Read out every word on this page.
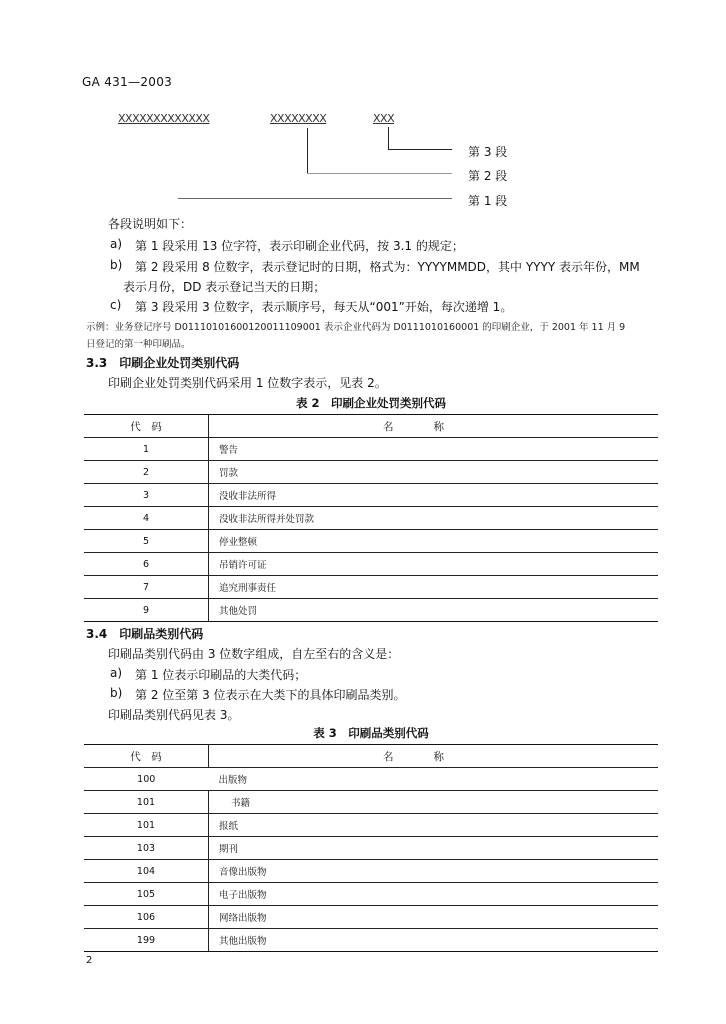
GA 431—2003
XXXXXXXXXXXXX	XXXXXXXX	XXX
第 3 段
第 2 段
第 1 段
各段说明如下：
a) 第 1 段采用 13 位字符，表示印刷企业代码，按 3.1 的规定；
b) 第 2 段采用 8 位数字，表示登记时的日期，格式为：YYYYMMDD，其中 YYYY 表示年份，MM
表示月份，DD 表示登记当天的日期；
c) 第 3 段采用 3 位数字，表示顺序号，每天从“001”开始，每次递增 1。
示例：业务登记序号 D01110101600120011109001 表示企业代码为 D0111010160001 的印刷企业，于 2001 年 11 月 9
日登记的第一种印刷品。
3.3　印刷企业处罚类别代码
印刷企业处罚类别代码采用 1 位数字表示，见表 2。
表 2　印刷企业处罚类别代码
代　码	名称
1	警告
2	罚款
3	没收非法所得
4	没收非法所得并处罚款
5	停业整顿
6	吊销许可证
7	追究刑事责任
9	其他处罚
3.4　印刷品类别代码
印刷品类别代码由 3 位数字组成，自左至右的含义是：
a) 第 1 位表示印刷品的大类代码；
b) 第 2 位至第 3 位表示在大类下的具体印刷品类别。
印刷品类别代码见表 3。
表 3　印刷品类别代码
代　码	名称
100	出版物
101	书籍
101	报纸
103	期刊
104	音像出版物
105	电子出版物
106	网络出版物
199	其他出版物
2
